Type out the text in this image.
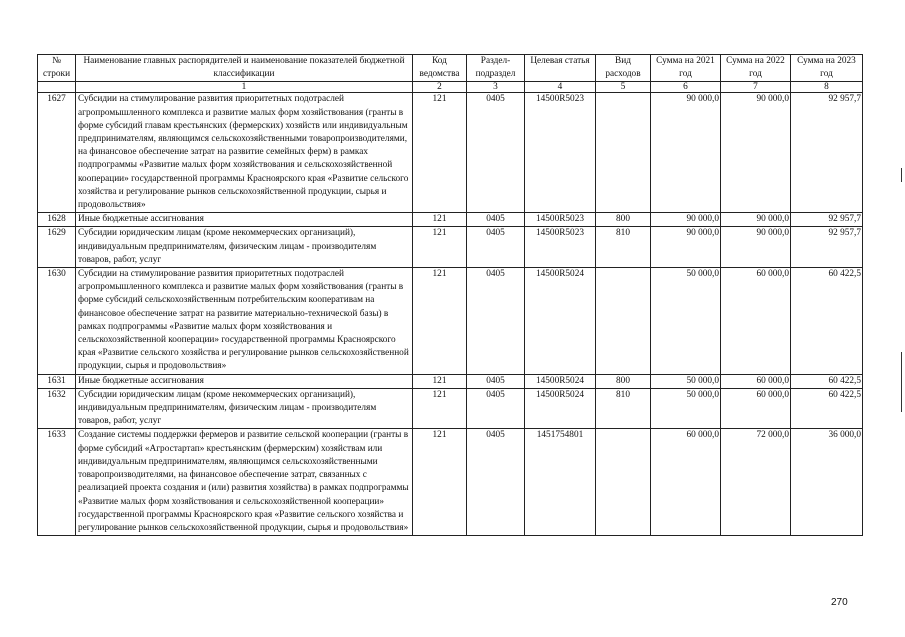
№ строки	Наименование главных распорядителей и наименование показателей бюджетной классификации	Код ведомства	Раздел-подраздел	Целевая статья	Вид расходов	Сумма на 2021 год	Сумма на 2022 год	Сумма на 2023 год
	1	2	3	4	5	6	7	8
1627	Субсидии на стимулирование развития приоритетных подотраслей агропромышленного комплекса и развитие малых форм хозяйствования (гранты в форме субсидий главам крестьянских (фермерских) хозяйств или индивидуальным предпринимателям, являющимся сельскохозяйственными товаропроизводителями, на финансовое обеспечение затрат на развитие семейных ферм) в рамках подпрограммы «Развитие малых форм хозяйствования и сельскохозяйственной кооперации» государственной программы Красноярского края «Развитие сельского хозяйства и регулирование рынков сельскохозяйственной продукции, сырья и продовольствия»	121	0405	14500R5023		90 000,0	90 000,0	92 957,7
1628	Иные бюджетные ассигнования	121	0405	14500R5023	800	90 000,0	90 000,0	92 957,7
1629	Субсидии юридическим лицам (кроме некоммерческих организаций), индивидуальным предпринимателям, физическим лицам - производителям товаров, работ, услуг	121	0405	14500R5023	810	90 000,0	90 000,0	92 957,7
1630	Субсидии на стимулирование развития приоритетных подотраслей агропромышленного комплекса и развитие малых форм хозяйствования (гранты в форме субсидий сельскохозяйственным потребительским кооперативам на финансовое обеспечение затрат на развитие материально-технической базы) в рамках подпрограммы «Развитие малых форм хозяйствования и сельскохозяйственной кооперации» государственной программы Красноярского края «Развитие сельского хозяйства и регулирование рынков сельскохозяйственной продукции, сырья и продовольствия»	121	0405	14500R5024		50 000,0	60 000,0	60 422,5
1631	Иные бюджетные ассигнования	121	0405	14500R5024	800	50 000,0	60 000,0	60 422,5
1632	Субсидии юридическим лицам (кроме некоммерческих организаций), индивидуальным предпринимателям, физическим лицам - производителям товаров, работ, услуг	121	0405	14500R5024	810	50 000,0	60 000,0	60 422,5
1633	Создание системы поддержки фермеров и развитие сельской кооперации (гранты в форме субсидий «Агростартап» крестьянским (фермерским) хозяйствам или индивидуальным предпринимателям, являющимся сельскохозяйственными товаропроизводителями, на финансовое обеспечение затрат, связанных с реализацией проекта создания и (или) развития хозяйства) в рамках подпрограммы «Развитие малых форм хозяйствования и сельскохозяйственной кооперации» государственной программы Красноярского края «Развитие сельского хозяйства и регулирование рынков сельскохозяйственной продукции, сырья и продовольствия»	121	0405	1451754801		60 000,0	72 000,0	36 000,0
270
